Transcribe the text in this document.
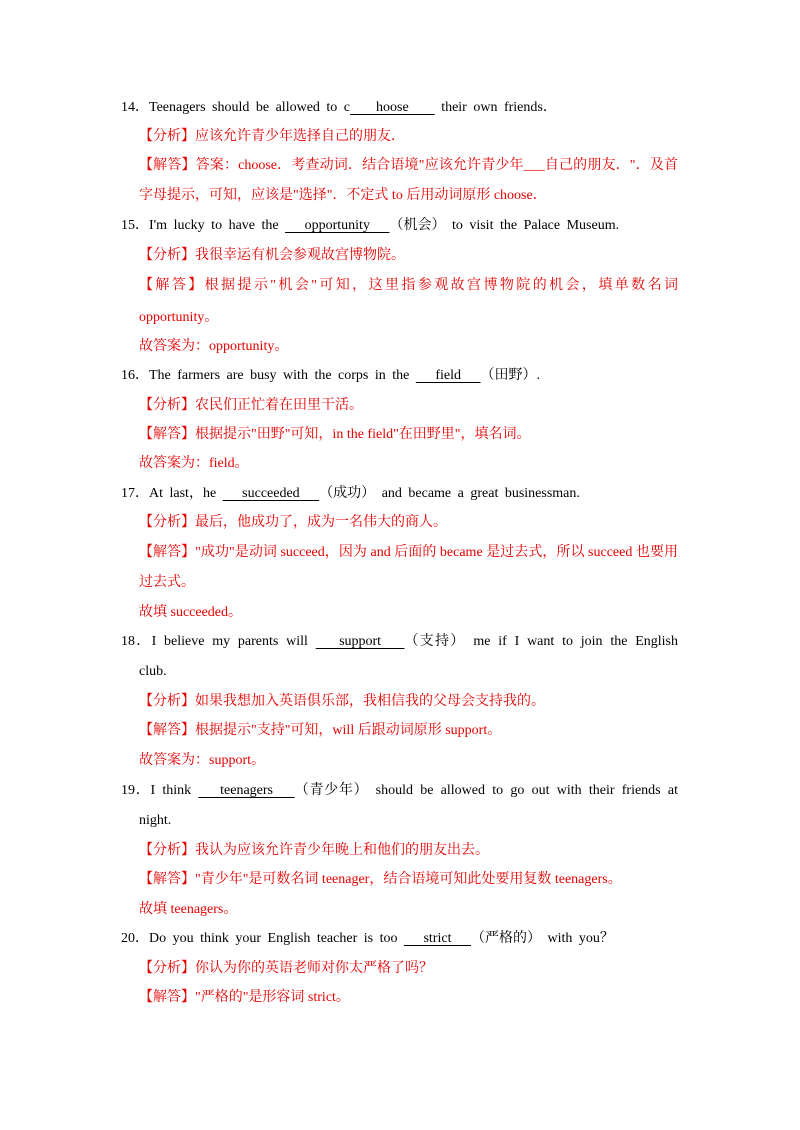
14．Teenagers should be allowed to c    hoose     their own friends．
【分析】应该允许青少年选择自己的朋友．
【解答】答案：choose．考查动词．结合语境"应该允许青少年___自己的朋友．"．及首
字母提示，可知，应该是"选择"．不定式 to 后用动词原形 choose．
15．I'm lucky to have the    opportunity   （机会） to visit the Palace Museum.
【分析】我很幸运有机会参观故宫博物院。
【解答】根据提示"机会"可知，这里指参观故宫博物院的机会，填单数名词
opportunity。
故答案为：opportunity。
16．The farmers are busy with the corps in the    field   （田野）.
【分析】农民们正忙着在田里干活。
【解答】根据提示"田野"可知，in the field"在田野里"，填名词。
故答案为：field。
17．At last，he    succeeded   （成功） and became a great businessman.
【分析】最后，他成功了，成为一名伟大的商人。
【解答】"成功"是动词 succeed，因为 and 后面的 became 是过去式，所以 succeed 也要用
过去式。
故填 succeeded。
18．I believe my parents will    support   （支持） me if I want to join the English
club.
【分析】如果我想加入英语俱乐部，我相信我的父母会支持我的。
【解答】根据提示"支持"可知，will 后跟动词原形 support。
故答案为：support。
19．I think    teenagers   （青少年） should be allowed to go out with their friends at
night.
【分析】我认为应该允许青少年晚上和他们的朋友出去。
【解答】"青少年"是可数名词 teenager，结合语境可知此处要用复数 teenagers。
故填 teenagers。
20．Do you think your English teacher is too    strict   （严格的） with you？
【分析】你认为你的英语老师对你太严格了吗？
【解答】"严格的"是形容词 strict。
